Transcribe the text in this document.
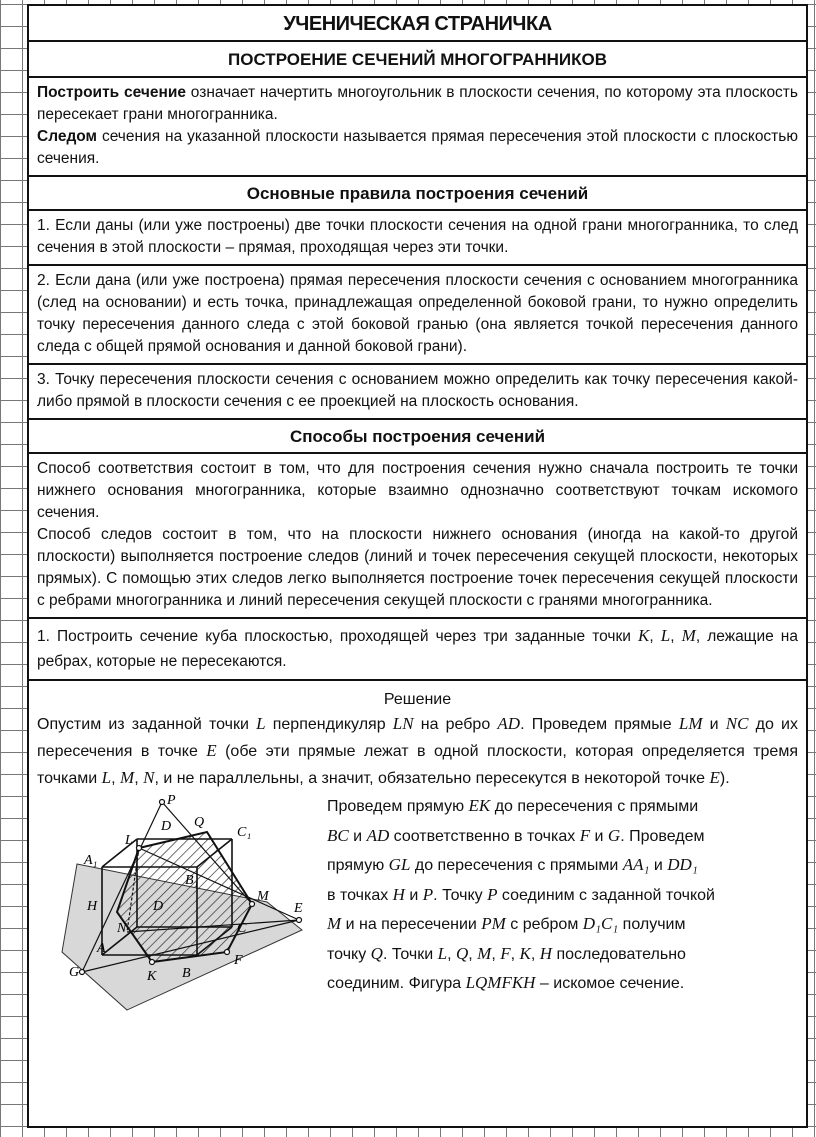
УЧЕНИЧЕСКАЯ СТРАНИЧКА
ПОСТРОЕНИЕ СЕЧЕНИЙ МНОГОГРАННИКОВ

Построить сечение означает начертить многоугольник в плоскости сечения, по которому эта плоскость пересекает грани многогранника.

Следом сечения на указанной плоскости называется прямая пересечения этой плоскости с плоскостью сечения.

Основные правила построения сечений
1. Если даны (или уже построены) две точки плоскости сечения на одной грани многогранника, то след сечения в этой плоскости – прямая, проходящая через эти точки.
2. Если дана (или уже построена) прямая пересечения плоскости сечения с основанием многогранника (след на основании) и есть точка, принадлежащая определенной боковой грани, то нужно определить точку пересечения данного следа с этой боковой гранью (она является точкой пересечения данного следа с общей прямой основания и данной боковой грани).
3. Точку пересечения плоскости сечения с основанием можно определить как точку пересечения какой-либо прямой в плоскости сечения с ее проекцией на плоскость основания.
Способы построения сечений

Способ соответствия состоит в том, что для построения сечения нужно сначала построить те точки нижнего основания многогранника, которые взаимно однозначно соответствуют точкам искомого сечения.

Способ следов состоит в том, что на плоскости нижнего основания (иногда на какой-то другой плоскости) выполняется построение следов (линий и точек пересечения секущей плоскости, некоторых прямых). С помощью этих следов легко выполняется построение точек пересечения секущей плоскости с ребрами многогранника и линий пересечения секущей плоскости с гранями многогранника.

1. Построить сечение куба плоскостью, проходящей через три заданные точки K, L, M, лежащие на ребрах, которые не пересекаются.
Решение

Опустим из заданной точки L перпендикуляр LN на ребро AD. Проведем прямые LM и NC до их пересечения в точке E (обе эти прямые лежат в одной плоскости, которая определяется тремя точками L, M, N, и не параллельны, а значит, обязательно пересекутся в некоторой точке E).

P
D Q
C₁
L
A₁
B₁
M
H	D
C
E
N
A
G	K B
F
Проведем прямую EK до пересечения с прямыми
BC и AD соответственно в точках F и G. Проведем
прямую GL до пересечения с прямыми AA₁ и DD₁
в точках H и P. Точку P соединим с заданной точкой
M и на пересечении PM с ребром D₁C₁ получим
точку Q. Точки L, Q, M, F, K, H последовательно
соединим. Фигура LQMFKH – искомое сечение.
